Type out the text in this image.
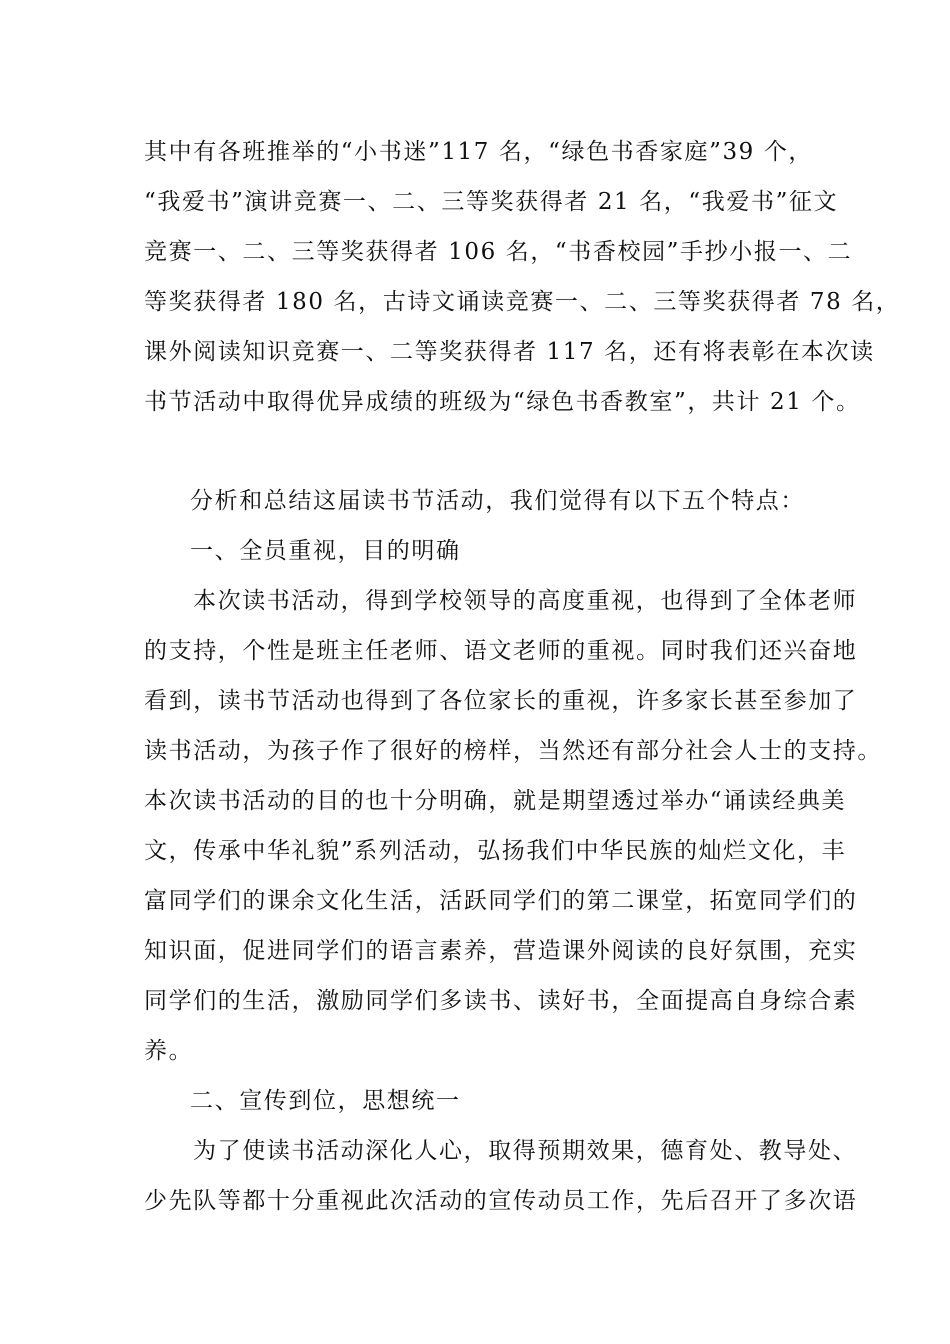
其中有各班推举的“小书迷”117 名，“绿色书香家庭”39 个，
“我爱书”演讲竞赛一、二、三等奖获得者 21 名，“我爱书”征文
竞赛一、二、三等奖获得者 106 名，“书香校园”手抄小报一、二
等奖获得者 180 名，古诗文诵读竞赛一、二、三等奖获得者 78 名，
课外阅读知识竞赛一、二等奖获得者 117 名，还有将表彰在本次读
书节活动中取得优异成绩的班级为“绿色书香教室”，共计 21 个。
分析和总结这届读书节活动，我们觉得有以下五个特点：
一、全员重视，目的明确
本次读书活动，得到学校领导的高度重视，也得到了全体老师
的支持，个性是班主任老师、语文老师的重视。同时我们还兴奋地
看到，读书节活动也得到了各位家长的重视，许多家长甚至参加了
读书活动，为孩子作了很好的榜样，当然还有部分社会人士的支持。
本次读书活动的目的也十分明确，就是期望透过举办“诵读经典美
文，传承中华礼貌”系列活动，弘扬我们中华民族的灿烂文化，丰
富同学们的课余文化生活，活跃同学们的第二课堂，拓宽同学们的
知识面，促进同学们的语言素养，营造课外阅读的良好氛围，充实
同学们的生活，激励同学们多读书、读好书，全面提高自身综合素
养。
二、宣传到位，思想统一
为了使读书活动深化人心，取得预期效果，德育处、教导处、
少先队等都十分重视此次活动的宣传动员工作，先后召开了多次语
